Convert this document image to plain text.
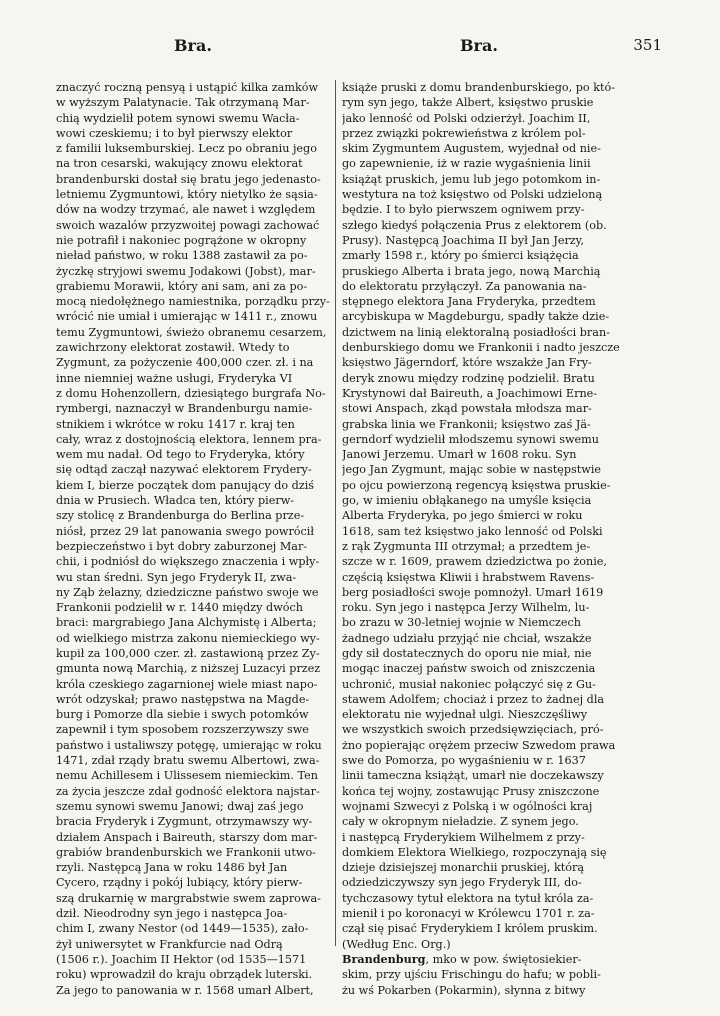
Bra.	Bra.	351
znaczyć roczną pensyą i ustąpić kilka zamków
w wyższym Palatynacie. Tak otrzymaną Mar-
chią wydzielił potem synowi swemu Wacła-
wowi czeskiemu; i to był pierwszy elektor
z familii luksemburskiej. Lecz po obraniu jego
na tron cesarski, wakujący znowu elektorat
brandenburski dostał się bratu jego jedenasto-
letniemu Zygmuntowi, który nietylko że sąsia-
dów na wodzy trzymać, ale nawet i względem
swoich wazalów przyzwoitej powagi zachować
nie potrafił i nakoniec pogrążone w okropny
nieład państwo, w roku 1388 zastawił za po-
życzkę stryjowi swemu Jodakowi (Jobst), mar-
grabiemu Morawii, który ani sam, ani za po-
mocą niedołężnego namiestnika, porządku przy-
wrócić nie umiał i umierając w 1411 r., znowu
temu Zygmuntowi, świeżo obranemu cesarzem,
zawichrzony elektorat zostawił. Wtedy to
Zygmunt, za pożyczenie 400,000 czer. zł. i na
inne niemniej ważne usługi, Fryderyka VI
z domu Hohenzollern, dziesiątego burgrafa No-
rymbergi, naznaczył w Brandenburgu namie-
stnikiem i wkrótce w roku 1417 r. kraj ten
cały, wraz z dostojnością elektora, lennem pra-
wem mu nadał. Od tego to Fryderyka, który
się odtąd zaczął nazywać elektorem Frydery-
kiem I, bierze początek dom panujący do dziś
dnia w Prusiech. Władca ten, który pierw-
szy stolicę z Brandenburga do Berlina prze-
niósł, przez 29 lat panowania swego powrócił
bezpieczeństwo i byt dobry zaburzonej Mar-
chii, i podniósł do większego znaczenia i wpły-
wu stan średni. Syn jego Fryderyk II, zwa-
ny Ząb żelazny, dziedziczne państwo swoje we
Frankonii podzielił w r. 1440 między dwóch
braci: margrabiego Jana Alchymistę i Alberta;
od wielkiego mistrza zakonu niemieckiego wy-
kupił za 100,000 czer. zł. zastawioną przez Zy-
gmunta nową Marchią, z niższej Luzacyi przez
króla czeskiego zagarnionej wiele miast napo-
wrót odzyskał; prawo następstwa na Magde-
burg i Pomorze dla siebie i swych potomków
zapewnił i tym sposobem rozszerzywszy swe
państwo i ustaliwszy potęgę, umierając w roku
1471, zdał rządy bratu swemu Albertowi, zwa-
nemu Achillesem i Ulissesem niemieckim. Ten
za życia jeszcze zdał godność elektora najstar-
szemu synowi swemu Janowi; dwaj zaś jego
bracia Fryderyk i Zygmunt, otrzymawszy wy-
działem Anspach i Baireuth, starszy dom mar-
grabiów brandenburskich we Frankonii utwo-
rzyli. Następcą Jana w roku 1486 był Jan
Cycero, rządny i pokój lubiący, który pierw-
szą drukarnię w margrabstwie swem zaprowa-
dził. Nieodrodny syn jego i następca Joa-
chim I, zwany Nestor (od 1449—1535), zało-
żył uniwersytet w Frankfurcie nad Odrą
(1506 r.). Joachim II Hektor (od 1535—1571
roku) wprowadził do kraju obrządek luterski.
Za jego to panowania w r. 1568 umarł Albert,
książe pruski z domu brandenburskiego, po któ-
rym syn jego, także Albert, księstwo pruskie
jako lenność od Polski odzierżył. Joachim II,
przez związki pokrewieństwa z królem pol-
skim Zygmuntem Augustem, wyjednał od nie-
go zapewnienie, iż w razie wygaśnienia linii
książąt pruskich, jemu lub jego potomkom in-
westytura na toż księstwo od Polski udzieloną
będzie. I to było pierwszem ogniwem przy-
szłego kiedyś połączenia Prus z elektorem (ob.
Prusy). Następcą Joachima II był Jan Jerzy,
zmarły 1598 r., który po śmierci książęcia
pruskiego Alberta i brata jego, nową Marchią
do elektoratu przyłączył. Za panowania na-
stępnego elektora Jana Fryderyka, przedtem
arcybiskupa w Magdeburgu, spadły także dzie-
dzictwem na linią elektoralną posiadłości bran-
denburskiego domu we Frankonii i nadto jeszcze
księstwo Jägerndorf, które wszakże Jan Fry-
deryk znowu między rodzinę podzielił. Bratu
Krystynowi dał Baireuth, a Joachimowi Erne-
stowi Anspach, zkąd powstała młodsza mar-
grabska linia we Frankonii; księstwo zaś Jä-
gerndorf wydzielił młodszemu synowi swemu
Janowi Jerzemu. Umarł w 1608 roku. Syn
jego Jan Zygmunt, mając sobie w następstwie
po ojcu powierzoną regencyą księstwa pruskie-
go, w imieniu obłąkanego na umyśle księcia
Alberta Fryderyka, po jego śmierci w roku
1618, sam też księstwo jako lenność od Polski
z rąk Zygmunta III otrzymał; a przedtem je-
szcze w r. 1609, prawem dziedzictwa po żonie,
częścią księstwa Kliwii i hrabstwem Ravens-
berg posiadłości swoje pomnożył. Umarł 1619
roku. Syn jego i następca Jerzy Wilhelm, lu-
bo zrazu w 30-letniej wojnie w Niemczech
żadnego udziału przyjąć nie chciał, wszakże
gdy sił dostatecznych do oporu nie miał, nie
mogąc inaczej państw swoich od zniszczenia
uchronić, musiał nakoniec połączyć się z Gu-
stawem Adolfem; chociaż i przez to żadnej dla
elektoratu nie wyjednał ulgi. Nieszczęśliwy
we wszystkich swoich przedsięwzięciach, pró-
żno popierając orężem przeciw Szwedom prawa
swe do Pomorza, po wygaśnieniu w r. 1637
linii tameczna książąt, umarł nie doczekawszy
końca tej wojny, zostawując Prusy zniszczone
wojnami Szwecyi z Polską i w ogólności kraj
cały w okropnym nieładzie. Z synem jego.
i następcą Fryderykiem Wilhelmem z przy-
domkiem Elektora Wielkiego, rozpoczynają się
dzieje dzisiejszej monarchii pruskiej, którą
odziedziczywszy syn jego Fryderyk III, do-
tychczasowy tytuł elektora na tytuł króla za-
mienił i po koronacyi w Królewcu 1701 r. za-
czął się pisać Fryderykiem I królem pruskim.
(Według Enc. Org.)
Brandenburg, mko w pow. świętosiekier-
skim, przy ujściu Frischingu do hafu; w pobli-
żu wś Pokarben (Pokarmin), słynna z bitwy
